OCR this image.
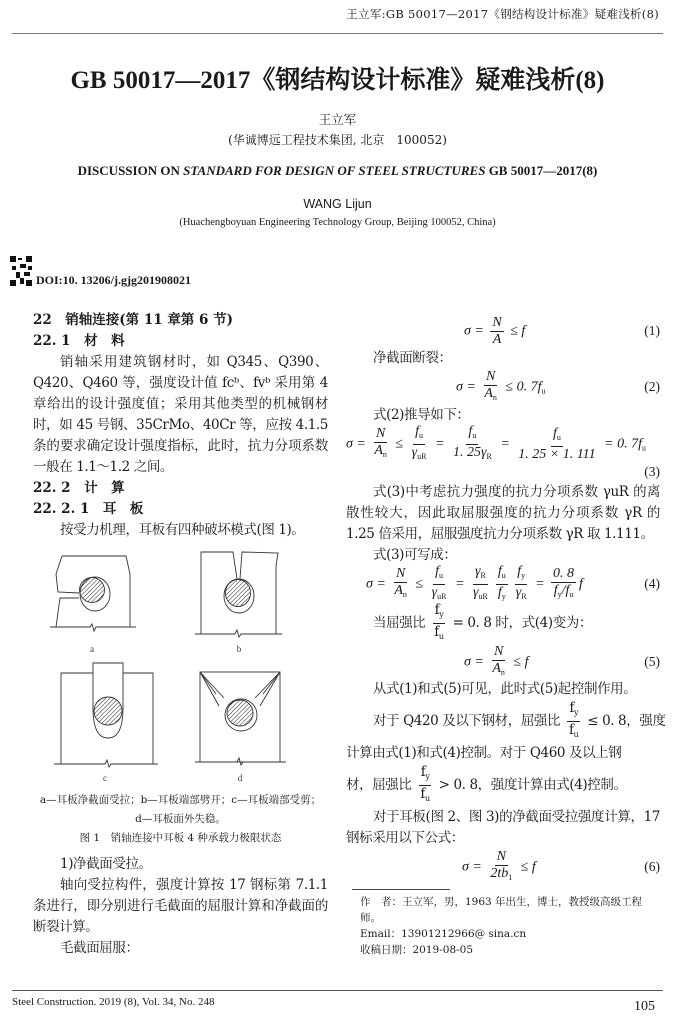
王立军:GB 50017—2017《钢结构设计标准》疑难浅析(8)
GB 50017—2017《钢结构设计标准》疑难浅析(8)
王立军
(华诚博远工程技术集团, 北京　100052)
DISCUSSION ON STANDARD FOR DESIGN OF STEEL STRUCTURES GB 50017—2017(8)
WANG Lijun
(Huachengboyuan Engineering Technology Group, Beijing 100052, China)
DOI:10. 13206/j.gjg201908021
22　销轴连接(第 11 章第 6 节)
22. 1　材　料
销轴采用建筑钢材时，如 Q345、Q390、Q420、Q460 等，强度设计值 fcᵇ、fvᵇ 采用第 4 章给出的设计强度值；采用其他类型的机械钢材时，如 45 号钢、35CrMo、40Cr 等，应按 4.1.5 条的要求确定设计强度指标，此时，抗力分项系数一般在 1.1～1.2 之间。
22. 2　计　算
22. 2. 1　耳　板
按受力机理，耳板有四种破坏模式(图 1)。
a	b
c	d
a—耳板净截面受拉；b—耳板端部劈开；c—耳板端部受剪；
d—耳板面外失稳。
图 1　销轴连接中耳板 4 种承载力极限状态
1)净截面受拉。
轴向受拉构件，强度计算按 17 钢标第 7.1.1 条进行，即分别进行毛截面的屈服计算和净截面的断裂计算。
毛截面屈服：
$\sigma = \frac{N}{A} \le f$	(1)
净截面断裂：
$\sigma = \frac{N}{A_n} \le 0$. $7f_u$	(2)
式(2)推导如下：
$\sigma = \frac{N}{A_n} \le \frac{f_u}{\gamma_{uR}} = \frac{f_u}{1. 25\gamma_R} = \frac{f_u}{1. 25 \times 1. 111} = 0$. $7f_u$
(3)
式(3)中考虑抗力强度的抗力分项系数 γuR 的离散性较大，因此取屈服强度的抗力分项系数 γR 的 1.25 倍采用，屈服强度抗力分项系数 γR 取 1.111。
式(3)可写成：
$\sigma = \frac{N}{A_n} \le \frac{f_u}{\gamma_{uR}} = \frac{\gamma_R}{\gamma_{uR}} \frac{f_u}{f_y} \frac{f_y}{\gamma_R} = \frac{0. 8}{f_y/f_u}$ f	(4)
当屈强比 $\frac{f_y}{f_u} = 0$. 8 时，式(4)变为：
$\sigma = \frac{N}{A_n} \le f$	(5)
从式(1)和式(5)可见，此时式(5)起控制作用。
对于 Q420 及以下钢材，屈强比 $\frac{f_y}{f_u} \le 0$. 8，强度
计算由式(1)和式(4)控制。对于 Q460 及以上钢
材，屈强比 $\frac{f_y}{f_u} > 0$. 8，强度计算由式(4)控制。
对于耳板(图 2、图 3)的净截面受拉强度计算，17 钢标采用以下公式：
$\sigma = \frac{N}{2tb_1} \le f$	(6)
作　者：王立军，男，1963 年出生，博士，教授级高级工程师。
Email：13901212966@ sina.cn
收稿日期：2019-08-05
Steel Construction. 2019 (8), Vol. 34, No. 248	105
